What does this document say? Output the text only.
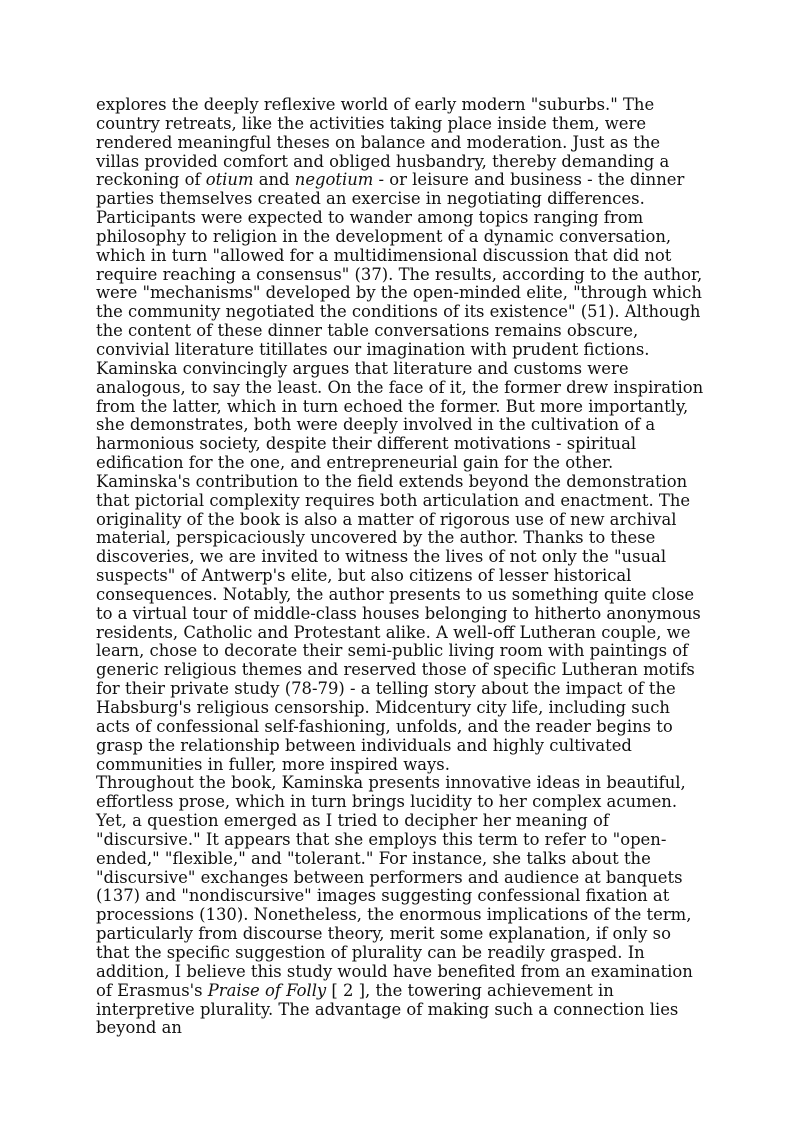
explores the deeply reflexive world of early modern "suburbs." The country retreats, like the activities taking place inside them, were rendered meaningful theses on balance and moderation. Just as the villas provided comfort and obliged husbandry, thereby demanding a reckoning of otium and negotium - or leisure and business - the dinner parties themselves created an exercise in negotiating differences. Participants were expected to wander among topics ranging from philosophy to religion in the development of a dynamic conversation, which in turn "allowed for a multidimensional discussion that did not require reaching a consensus" (37). The results, according to the author, were "mechanisms" developed by the open-minded elite, "through which the community negotiated the conditions of its existence" (51). Although the content of these dinner table conversations remains obscure, convivial literature titillates our imagination with prudent fictions. Kaminska convincingly argues that literature and customs were analogous, to say the least. On the face of it, the former drew inspiration from the latter, which in turn echoed the former. But more importantly, she demonstrates, both were deeply involved in the cultivation of a harmonious society, despite their different motivations - spiritual edification for the one, and entrepreneurial gain for the other. Kaminska's contribution to the field extends beyond the demonstration that pictorial complexity requires both articulation and enactment. The originality of the book is also a matter of rigorous use of new archival material, perspicaciously uncovered by the author. Thanks to these discoveries, we are invited to witness the lives of not only the "usual suspects" of Antwerp's elite, but also citizens of lesser historical consequences. Notably, the author presents to us something quite close to a virtual tour of middle-class houses belonging to hitherto anonymous residents, Catholic and Protestant alike. A well-off Lutheran couple, we learn, chose to decorate their semi-public living room with paintings of generic religious themes and reserved those of specific Lutheran motifs for their private study (78-79) - a telling story about the impact of the Habsburg's religious censorship. Midcentury city life, including such acts of confessional self-fashioning, unfolds, and the reader begins to grasp the relationship between individuals and highly cultivated communities in fuller, more inspired ways.

Throughout the book, Kaminska presents innovative ideas in beautiful, effortless prose, which in turn brings lucidity to her complex acumen. Yet, a question emerged as I tried to decipher her meaning of "discursive." It appears that she employs this term to refer to "open-ended," "flexible," and "tolerant." For instance, she talks about the "discursive" exchanges between performers and audience at banquets (137) and "nondiscursive" images suggesting confessional fixation at processions (130). Nonetheless, the enormous implications of the term, particularly from discourse theory, merit some explanation, if only so that the specific suggestion of plurality can be readily grasped. In addition, I believe this study would have benefited from an examination of Erasmus's Praise of Folly [ 2 ], the towering achievement in interpretive plurality. The advantage of making such a connection lies beyond an
